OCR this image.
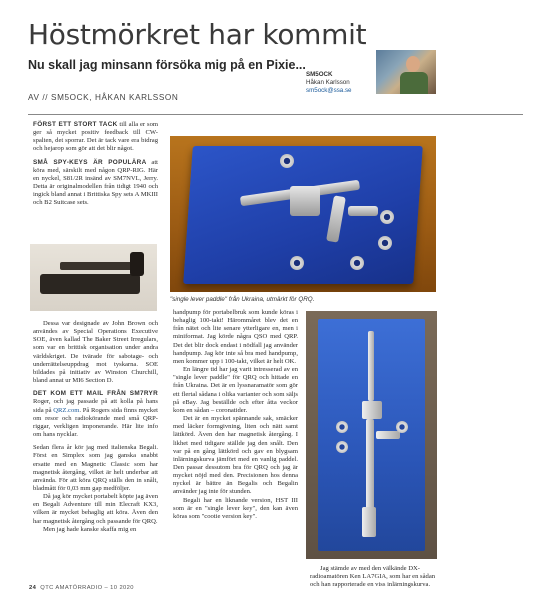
Höstmörkret har kommit
Nu skall jag minsann försöka mig på en Pixie...
AV // SM5OCK, HÅKAN KARLSSON
SM5OCK
Håkan Karlsson
sm5ock@ssa.se

FÖRST ETT STORT TACK till alla er som ger så mycket positiv feedback till CW-spalten, det sporrar. Det är tack vare era bidrag och hejarop som gör att det blir något.

SMÅ SPY-KEYS ÄR POPULÄRA att köra med, särskilt med någon QRP-RIG. Här en nyckel, S81/2R insänd av SM7NVL, Jerry. Detta är originalmodellen från tidigt 1940 och ingick bland annat i Brittiska Spy sets A MKIII och B2 Suitcase sets.

Dessa var designade av John Brown och användes av Special Operations Executive SOE, även kallad The Baker Street Irregulars, som var en brittisk organisation under andra världskriget. De tvärade för sabotage- och underrättelseuppdrag mot tyskarna. SOE bildades på initiativ av Winston Churchill, bland annat ur MI6 Section D.

DET KOM ETT MAIL FRÅN SM7RYR Roger, och jag passade på att kolla på hans sida på QRZ.com. På Rogers sida finns mycket om resor och radiokörande med små QRP-riggar, verkligen imponerande. Här lite info om hans nycklar.

Sedan flera år kör jag med italienska Begali. Först en Simplex som jag ganska snabbt ersatte med en Magnetic Classic som har magnetisk återgång, vilket är helt underbar att använda. För att köra QRQ ställs den in snålt, bladmått för 0,03 mm gap medföljer.

Då jag kör mycket portabelt köpte jag även en Begali Adventure till min Elecraft KX3, vilken är mycket behaglig att köra. Även den har magnetisk återgång och passande för QRQ.

Men jag hade kanske skaffa mig en

"single lever paddle" från Ukraina, utmärkt för QRQ.

handpump för portabelbruk som kunde köras i behaglig 100-takt! Härommåret blev det en från nätet och lite senare ytterligare en, men i miniformat. Jag körde några QSO med QRP. Det det blir dock endast i nödfall jag använder handpump. Jag kör inte så bra med handpump, men kommer upp i 100-takt, vilket är helt OK.

En längre tid har jag varit intresserad av en "single lever paddle" för QRQ och hittade en från Ukraina. Det är en lyssnaramatör som gör ett flertal sådana i olika varianter och som säljs på eBay. Jag beställde och efter åtta veckor kom en sådan – coronatider.

Det är en mycket spännande sak, smäcker med läcker formgivning, liten och nätt samt lättkörd. Även den har magnetisk återgång. I likhet med tidigare ställde jag den snålt. Den var på en gång lättkörd och gav en blygsam inlärningskurva jämfört med en vanlig paddel. Den passar dessutom bra för QRQ och jag är mycket nöjd med den. Precisionen hos denna nyckel är bättre än Begalis och Begalin använder jag inte för stunden.

Begali har en liknande version, HST III som är en "single lever key", den kan även köras som "cootie version key".

Jag stämde av med den välkände DX-radioamatören Ken LA7GIA, som har en sådan och han rapporterade en viss inlärningskurva.

24 QTC AMATÖRRADIO – 10 2020
